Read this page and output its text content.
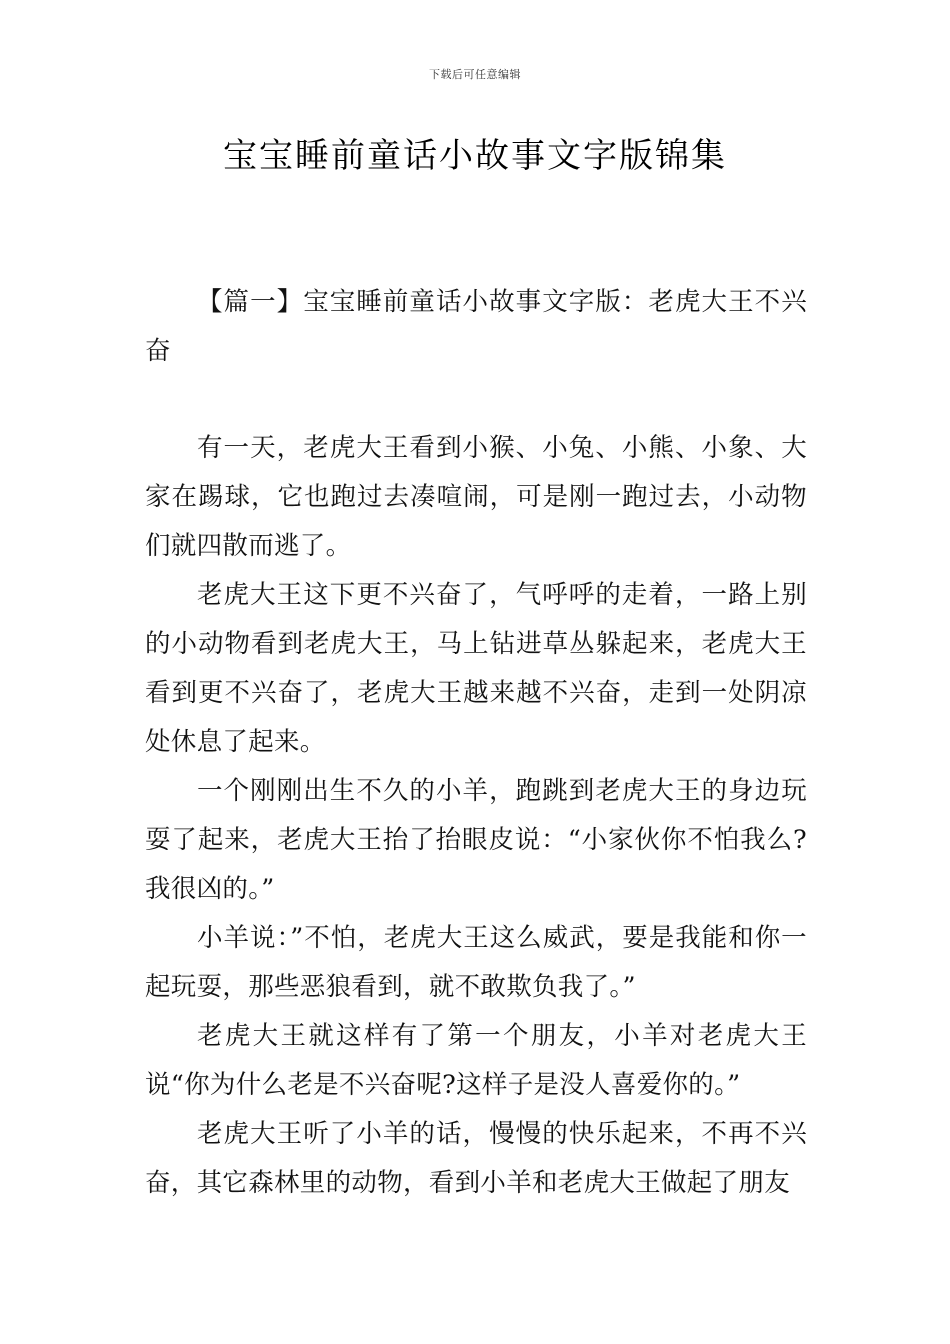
下载后可任意编辑
宝宝睡前童话小故事文字版锦集

【篇一】宝宝睡前童话小故事文字版：老虎大王不兴奋

有一天，老虎大王看到小猴、小兔、小熊、小象、大家在踢球，它也跑过去凑喧闹，可是刚一跑过去，小动物们就四散而逃了。

老虎大王这下更不兴奋了，气呼呼的走着，一路上别的小动物看到老虎大王，马上钻进草丛躲起来，老虎大王看到更不兴奋了，老虎大王越来越不兴奋，走到一处阴凉处休息了起来。

一个刚刚出生不久的小羊，跑跳到老虎大王的身边玩耍了起来，老虎大王抬了抬眼皮说：“小家伙你不怕我么?我很凶的。”

小羊说：”不怕，老虎大王这么威武，要是我能和你一起玩耍，那些恶狼看到，就不敢欺负我了。”

老虎大王就这样有了第一个朋友，小羊对老虎大王说“你为什么老是不兴奋呢?这样子是没人喜爱你的。”

老虎大王听了小羊的话，慢慢的快乐起来，不再不兴奋，其它森林里的动物，看到小羊和老虎大王做起了朋友
